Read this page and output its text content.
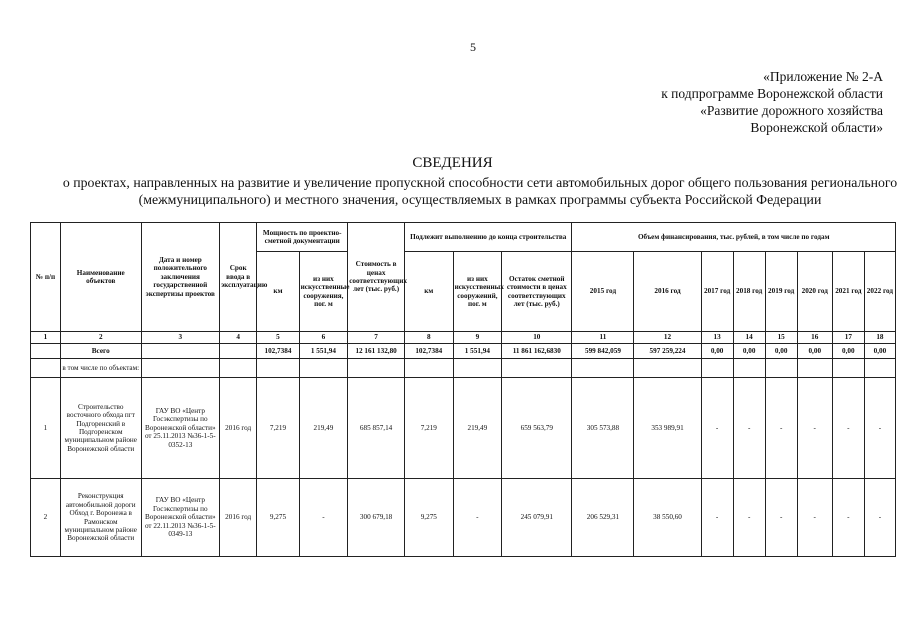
5
«Приложение № 2-А
к подпрограмме Воронежской области
«Развитие дорожного хозяйства
Воронежской области»
СВЕДЕНИЯ
о проектах, направленных на развитие и увеличение пропускной способности сети автомобильных дорог общего пользования регионального (межмуниципального) и местного значения, осуществляемых в рамках программы субъекта Российской Федерации
№ п/п	Наименование объектов	Дата и номер положительного заключения государственной экспертизы проектов	Срок ввода в эксплуатацию	Мощность по проектно-сметной документации		Стоимость в ценах соответствующих лет (тыс. руб.)	Подлежит выполнению до конца строительства			Объем финансирования, тыс. рублей, в том числе по годам							
				км	из них искусственные сооружения, пог. м		км	из них искусственных сооружений, пог. м	Остаток сметной стоимости в ценах соответствующих лет (тыс. руб.)	2015 год	2016 год	2017 год	2018 год	2019 год	2020 год	2021 год	2022 год
1	2	3	4	5	6	7	8	9	10	11	12	13	14	15	16	17	18
	Всего			102,7384	1 551,94	12 161 132,80	102,7384	1 551,94	11 861 162,6830	599 842,059	597 259,224	0,00	0,00	0,00	0,00	0,00	0,00
	в том числе по объектам:																
1	Строительство восточного обхода пгт Подгоренский в Подгоренском муниципальном районе Воронежской области	ГАУ ВО «Центр Госэкспертизы по Воронежской области» от 25.11.2013 №36-1-5-0352-13	2016 год	7,219	219,49	685 857,14	7,219	219,49	659 563,79	305 573,88	353 989,91	-	-	-	-	-	-
2	Реконструкция автомобильной дороги Обход г. Воронежа в Рамонском муниципальном районе Воронежской области	ГАУ ВО «Центр Госэкспертизы по Воронежской области» от 22.11.2013 №36-1-5-0349-13	2016 год	9,275	-	300 679,18	9,275	-	245 079,91	206 529,31	38 550,60	-	-	-	-	-	-
